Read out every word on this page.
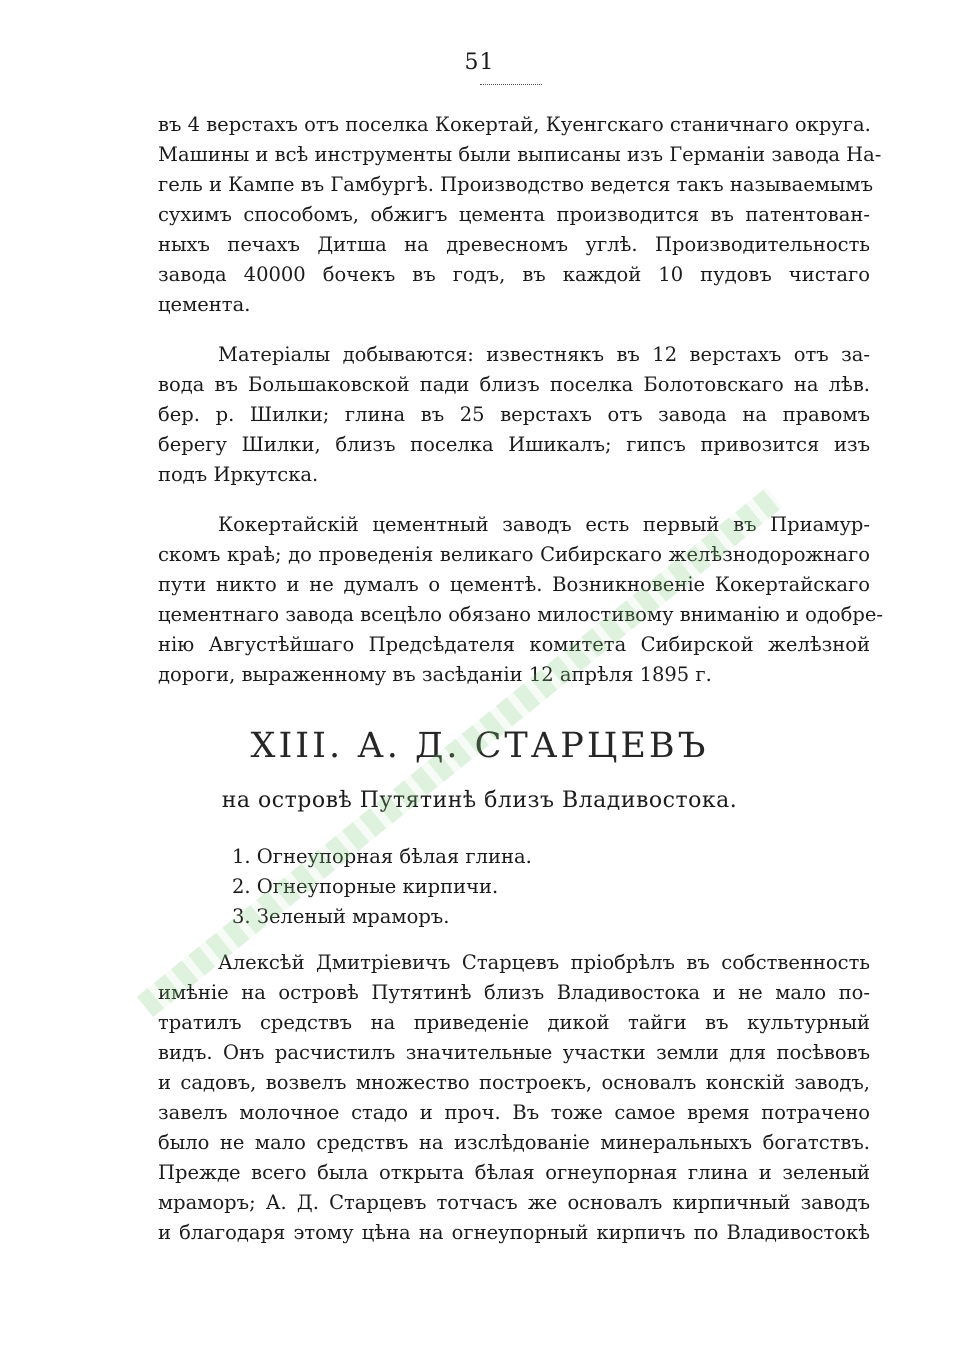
51
въ 4 верстахъ отъ поселка Кокертай, Куенгскаго станичнаго округа.
Машины и всѣ инструменты были выписаны изъ Германіи завода На-
гель и Кампе въ Гамбургѣ. Производство ведется такъ называемымъ
сухимъ способомъ, обжигъ цемента производится въ патентован-
ныхъ печахъ Дитша на древесномъ углѣ. Производительность
завода 40000 бочекъ въ годъ, въ каждой 10 пудовъ чистаго
цемента.
Матеріалы добываются: известнякъ въ 12 верстахъ отъ за-
вода въ Большаковской пади близъ поселка Болотовскаго на лѣв.
бер. р. Шилки; глина въ 25 верстахъ отъ завода на правомъ
берегу Шилки, близъ поселка Ишикалъ; гипсъ привозится изъ
подъ Иркутска.
Кокертайскій цементный заводъ есть первый въ Приамур-
скомъ краѣ; до проведенія великаго Сибирскаго желѣзнодорожнаго
пути никто и не думалъ о цементѣ. Возникновеніе Кокертайскаго
цементнаго завода всецѣло обязано милостивому вниманію и одобре-
нію Августѣйшаго Предсѣдателя комитета Сибирской желѣзной
дороги, выраженному въ засѣданіи 12 апрѣля 1895 г.
XIII. А. Д. СТАРЦЕВЪ
на островѣ Путятинѣ близъ Владивостока.
1. Огнеупорная бѣлая глина.
2. Огнеупорные кирпичи.
3. Зеленый мраморъ.
Алексѣй Дмитріевичъ Старцевъ пріобрѣлъ въ собственность
имѣніе на островѣ Путятинѣ близъ Владивостока и не мало по-
тратилъ средствъ на приведеніе дикой тайги въ культурный
видъ. Онъ расчистилъ значительные участки земли для посѣвовъ
и садовъ, возвелъ множество построекъ, основалъ конскій заводъ,
завелъ молочное стадо и проч. Въ тоже самое время потрачено
было не мало средствъ на изслѣдованіе минеральныхъ богатствъ.
Прежде всего была открыта бѣлая огнеупорная глина и зеленый
мраморъ; А. Д. Старцевъ тотчасъ же основалъ кирпичный заводъ
и благодаря этому цѣна на огнеупорный кирпичъ по Владивостокѣ
